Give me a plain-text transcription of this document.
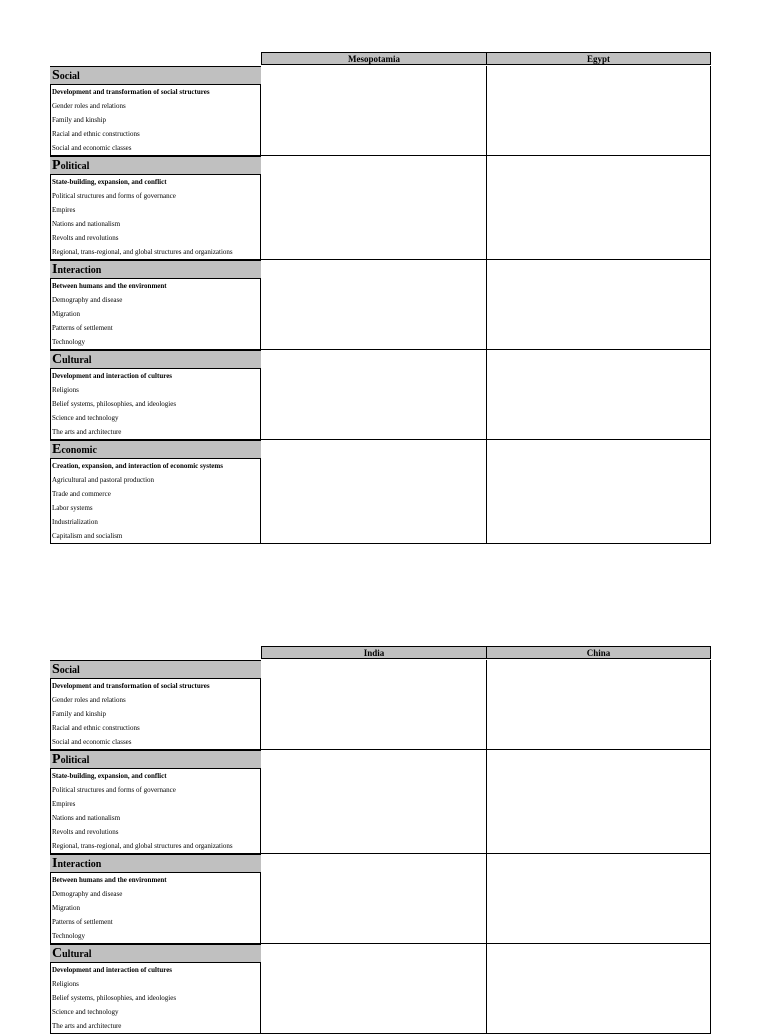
Mesopotamia	Egypt
Social
Development and transformation of social structures
Gender roles and relations
Family and kinship
Racial and ethnic constructions
Social and economic classes
Political
State-building, expansion, and conflict
Political structures and forms of governance
Empires
Nations and nationalism
Revolts and revolutions
Regional, trans-regional, and global structures and organizations
Interaction
Between humans and the environment
Demography and disease
Migration
Patterns of settlement
Technology
Cultural
Development and interaction of cultures
Religions
Belief systems, philosophies, and ideologies
Science and technology
The arts and architecture
Economic
Creation, expansion, and interaction of economic systems
Agricultural and pastoral production
Trade and commerce
Labor systems
Industrialization
Capitalism and socialism
India	China
Social
Development and transformation of social structures
Gender roles and relations
Family and kinship
Racial and ethnic constructions
Social and economic classes
Political
State-building, expansion, and conflict
Political structures and forms of governance
Empires
Nations and nationalism
Revolts and revolutions
Regional, trans-regional, and global structures and organizations
Interaction
Between humans and the environment
Demography and disease
Migration
Patterns of settlement
Technology
Cultural
Development and interaction of cultures
Religions
Belief systems, philosophies, and ideologies
Science and technology
The arts and architecture
